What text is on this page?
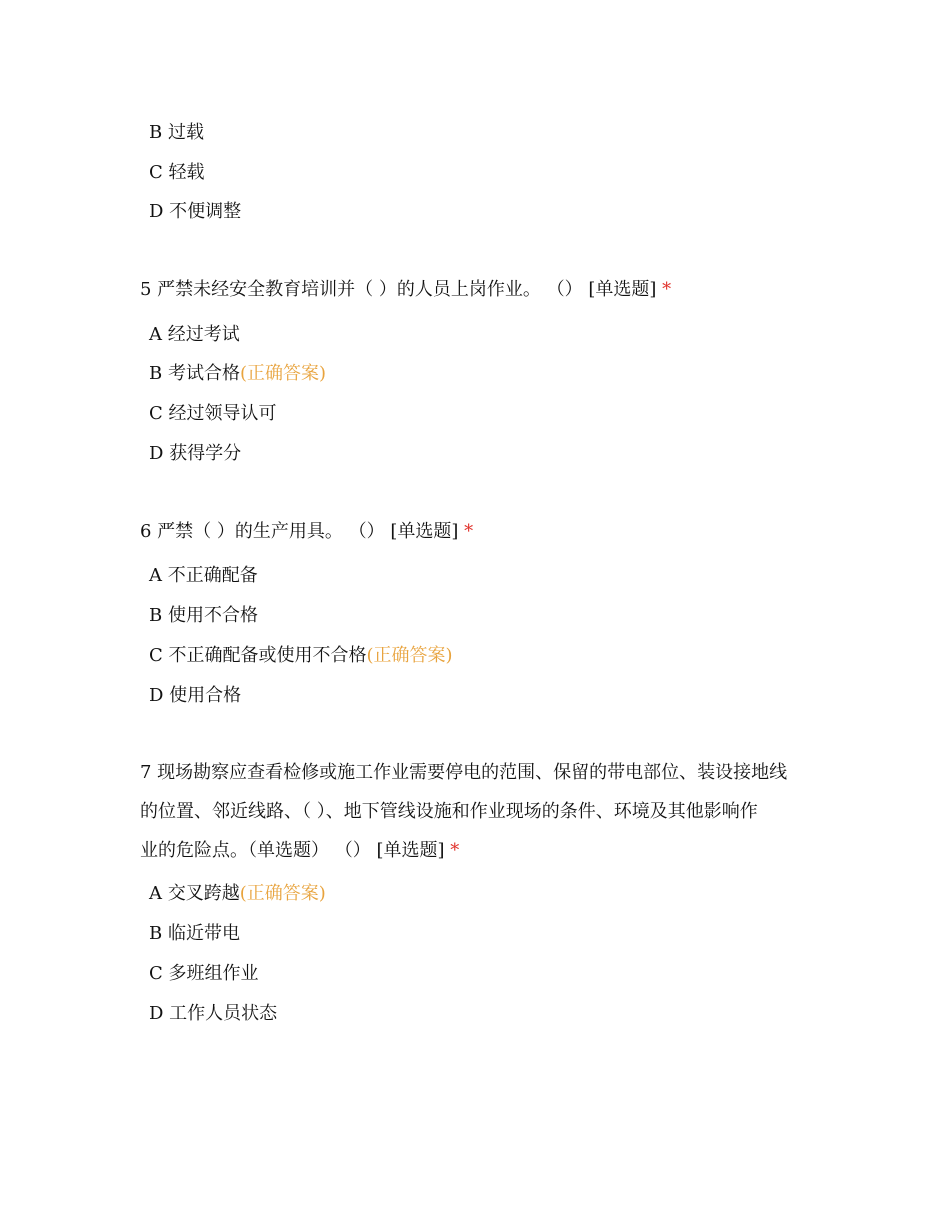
B 过载
C 轻载
D 不便调整
5 严禁未经安全教育培训并（ ）的人员上岗作业。 （） [单选题] *
A 经过考试
B 考试合格(正确答案)
C 经过领导认可
D 获得学分
6 严禁（ ）的生产用具。 （） [单选题] *
A 不正确配备
B 使用不合格
C 不正确配备或使用不合格(正确答案)
D 使用合格
7 现场勘察应查看检修或施工作业需要停电的范围、保留的带电部位、装设接地线
的位置、邻近线路、（ ）、地下管线设施和作业现场的条件、环境及其他影响作
业的危险点。（单选题） （） [单选题] *
A 交叉跨越(正确答案)
B 临近带电
C 多班组作业
D 工作人员状态
